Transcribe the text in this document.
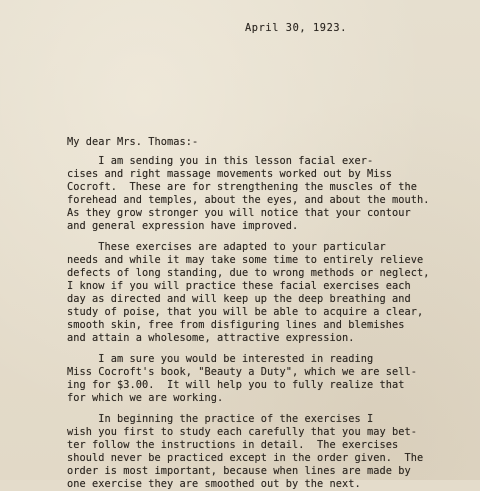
April 30, 1923.
My dear Mrs. Thomas:-
I am sending you in this lesson facial exer-
cises and right massage movements worked out by Miss
Cocroft.  These are for strengthening the muscles of the
forehead and temples, about the eyes, and about the mouth.
As they grow stronger you will notice that your contour
and general expression have improved.
These exercises are adapted to your particular
needs and while it may take some time to entirely relieve
defects of long standing, due to wrong methods or neglect,
I know if you will practice these facial exercises each
day as directed and will keep up the deep breathing and
study of poise, that you will be able to acquire a clear,
smooth skin, free from disfiguring lines and blemishes
and attain a wholesome, attractive expression.
I am sure you would be interested in reading
Miss Cocroft's book, "Beauty a Duty", which we are sell-
ing for $3.00.  It will help you to fully realize that
for which we are working.
In beginning the practice of the exercises I
wish you first to study each carefully that you may bet-
ter follow the instructions in detail.  The exercises
should never be practiced except in the order given.  The
order is most important, because when lines are made by
one exercise they are smoothed out by the next.
